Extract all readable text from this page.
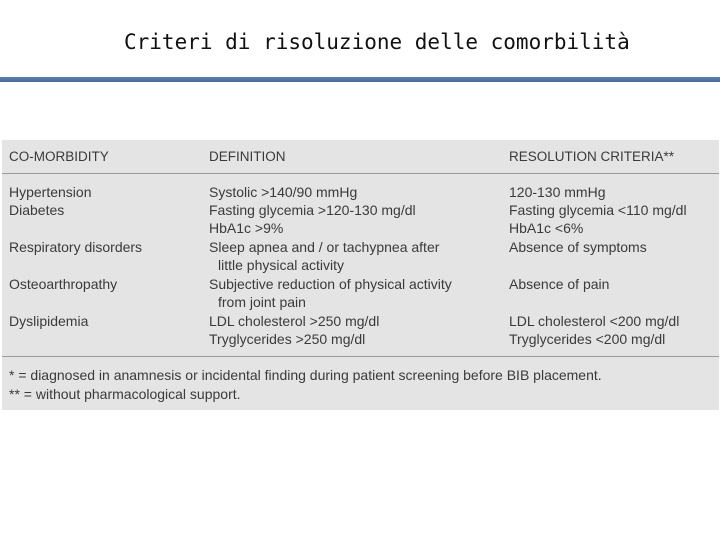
Criteri di risoluzione delle comorbilità
CO-MORBIDITY	DEFINITION	RESOLUTION CRITERIA**
Hypertension	Systolic >140/90 mmHg	120-130 mmHg
Diabetes	Fasting glycemia >120-130 mg/dl	Fasting glycemia <110 mg/dl
HbA1c >9%	HbA1c <6%
Respiratory disorders	Sleep apnea and / or tachypnea after	Absence of symptoms
little physical activity
Osteoarthropathy	Subjective reduction of physical activity	Absence of pain
from joint pain
Dyslipidemia	LDL cholesterol >250 mg/dl	LDL cholesterol <200 mg/dl
Tryglycerides >250 mg/dl	Tryglycerides <200 mg/dl
* = diagnosed in anamnesis or incidental finding during patient screening before BIB placement.
** = without pharmacological support.
